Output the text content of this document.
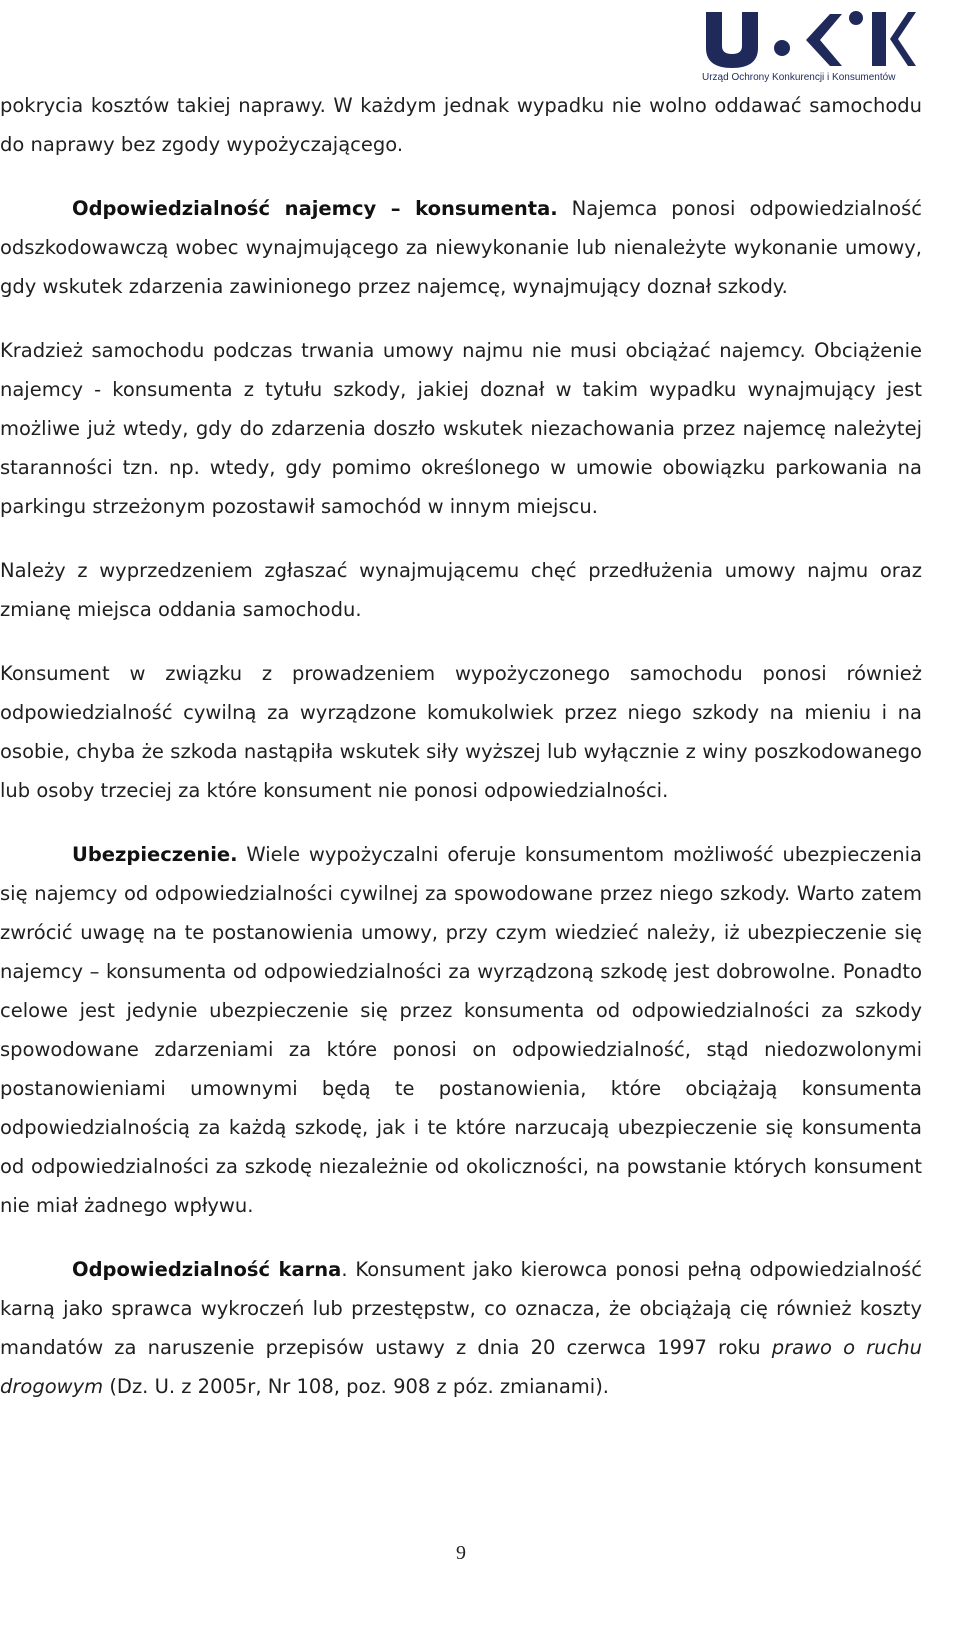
Urząd Ochrony Konkurencji i Konsumentów

pokrycia kosztów takiej naprawy. W każdym jednak wypadku nie wolno oddawać samochodu do naprawy bez zgody wypożyczającego.

Odpowiedzialność najemcy – konsumenta. Najemca ponosi odpowiedzialność odszkodowawczą wobec wynajmującego za niewykonanie lub nienależyte wykonanie umowy, gdy wskutek zdarzenia zawinionego przez najemcę, wynajmujący doznał szkody.

Kradzież samochodu podczas trwania umowy najmu nie musi obciążać najemcy. Obciążenie najemcy - konsumenta z tytułu szkody, jakiej doznał w takim wypadku wynajmujący jest możliwe już wtedy, gdy do zdarzenia doszło wskutek niezachowania przez najemcę należytej staranności tzn. np. wtedy, gdy pomimo określonego w umowie obowiązku parkowania na parkingu strzeżonym pozostawił samochód w innym miejscu.

Należy z wyprzedzeniem zgłaszać wynajmującemu chęć przedłużenia umowy najmu oraz zmianę miejsca oddania samochodu.

Konsument w związku z prowadzeniem wypożyczonego samochodu ponosi również odpowiedzialność cywilną za wyrządzone komukolwiek przez niego szkody na mieniu i na osobie, chyba że szkoda nastąpiła wskutek siły wyższej lub wyłącznie z winy poszkodowanego lub osoby trzeciej za które konsument nie ponosi odpowiedzialności.

Ubezpieczenie. Wiele wypożyczalni oferuje konsumentom możliwość ubezpieczenia się najemcy od odpowiedzialności cywilnej za spowodowane przez niego szkody. Warto zatem zwrócić uwagę na te postanowienia umowy, przy czym wiedzieć należy, iż ubezpieczenie się najemcy – konsumenta od odpowiedzialności za wyrządzoną szkodę jest dobrowolne. Ponadto celowe jest jedynie ubezpieczenie się przez konsumenta od odpowiedzialności za szkody spowodowane zdarzeniami za które ponosi on odpowiedzialność, stąd niedozwolonymi postanowieniami umownymi będą te postanowienia, które obciążają konsumenta odpowiedzialnością za każdą szkodę, jak i te które narzucają ubezpieczenie się konsumenta od odpowiedzialności za szkodę niezależnie od okoliczności, na powstanie których konsument nie miał żadnego wpływu.

Odpowiedzialność karna. Konsument jako kierowca ponosi pełną odpowiedzialność karną jako sprawca wykroczeń lub przestępstw, co oznacza, że obciążają cię również koszty mandatów za naruszenie przepisów ustawy z dnia 20 czerwca 1997 roku prawo o ruchu drogowym (Dz. U. z 2005r, Nr 108, poz. 908 z póz. zmianami).

9
